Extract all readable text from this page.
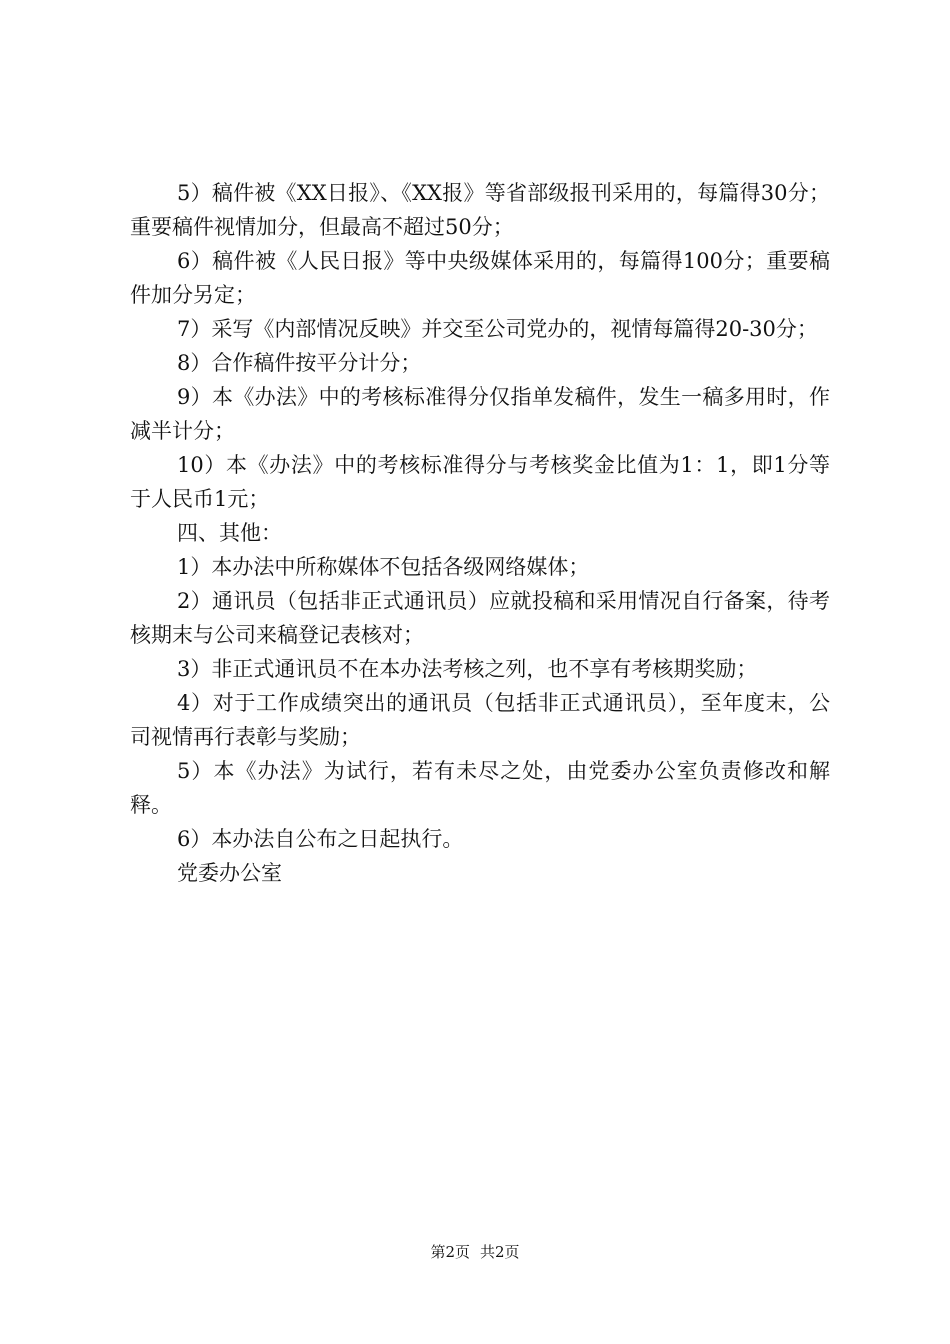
5）稿件被《XX日报》、《XX报》等省部级报刊采用的，每篇得30分；重要稿件视情加分，但最高不超过50分；

6）稿件被《人民日报》等中央级媒体采用的，每篇得100分；重要稿件加分另定；

7）采写《内部情况反映》并交至公司党办的，视情每篇得20-30分；

8）合作稿件按平分计分；

9）本《办法》中的考核标准得分仅指单发稿件，发生一稿多用时，作减半计分；

10）本《办法》中的考核标准得分与考核奖金比值为1：1，即1分等于人民币1元；

四、其他：

1）本办法中所称媒体不包括各级网络媒体；

2）通讯员（包括非正式通讯员）应就投稿和采用情况自行备案，待考核期末与公司来稿登记表核对；

3）非正式通讯员不在本办法考核之列，也不享有考核期奖励；

4）对于工作成绩突出的通讯员（包括非正式通讯员），至年度末，公司视情再行表彰与奖励；

5）本《办法》为试行，若有未尽之处，由党委办公室负责修改和解释。

6）本办法自公布之日起执行。

党委办公室

第2页 共2页
